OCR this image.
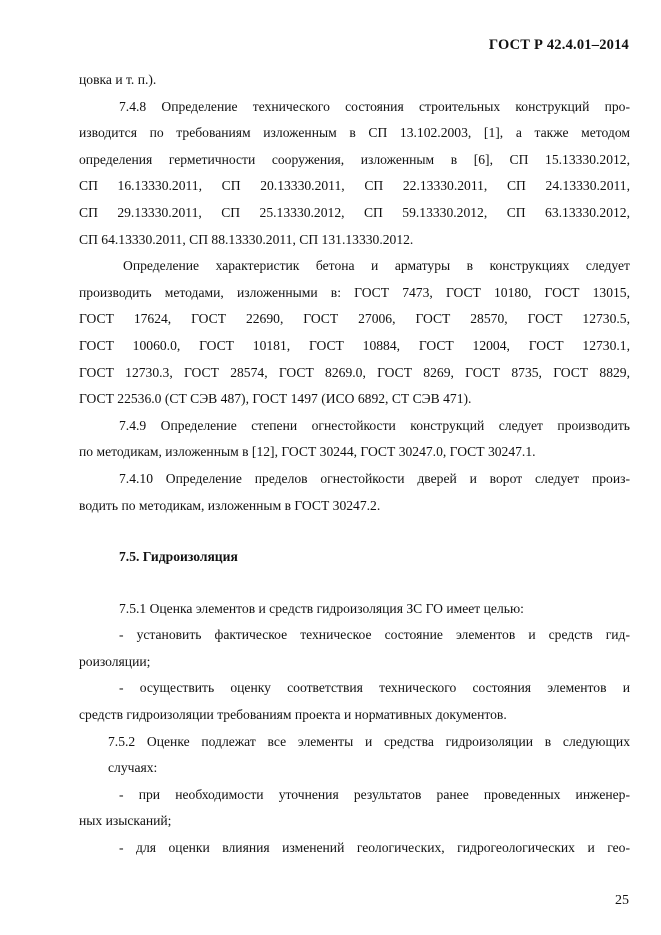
ГОСТ Р 42.4.01–2014
цовка и т. п.).
7.4.8 Определение технического состояния строительных конструкций про-
изводится по требованиям изложенным в СП 13.102.2003, [1], а также методом
определения герметичности сооружения, изложенным в [6], СП 15.13330.2012,
СП 16.13330.2011, СП 20.13330.2011, СП 22.13330.2011, СП 24.13330.2011,
СП 29.13330.2011, СП 25.13330.2012, СП 59.13330.2012, СП 63.13330.2012,
СП 64.13330.2011, СП 88.13330.2011, СП 131.13330.2012.
Определение характеристик бетона и арматуры в конструкциях следует
производить методами, изложенными в: ГОСТ 7473, ГОСТ 10180, ГОСТ 13015,
ГОСТ 17624, ГОСТ 22690, ГОСТ 27006, ГОСТ 28570, ГОСТ 12730.5,
ГОСТ 10060.0, ГОСТ 10181, ГОСТ 10884, ГОСТ 12004, ГОСТ 12730.1,
ГОСТ 12730.3, ГОСТ 28574, ГОСТ 8269.0, ГОСТ 8269, ГОСТ 8735, ГОСТ 8829,
ГОСТ 22536.0 (СТ СЭВ 487), ГОСТ 1497 (ИСО 6892, СТ СЭВ 471).
7.4.9 Определение степени огнестойкости конструкций следует производить
по методикам, изложенным в [12], ГОСТ 30244, ГОСТ 30247.0, ГОСТ 30247.1.
7.4.10 Определение пределов огнестойкости дверей и ворот следует произ-
водить по методикам, изложенным в ГОСТ 30247.2.
7.5. Гидроизоляция
7.5.1 Оценка элементов и средств гидроизоляция ЗС ГО имеет целью:
- установить фактическое техническое состояние элементов и средств гид-
роизоляции;
- осуществить оценку соответствия технического состояния элементов и
средств гидроизоляции требованиям проекта и нормативных документов.
7.5.2 Оценке подлежат все элементы и средства гидроизоляции в следующих
случаях:
- при необходимости уточнения результатов ранее проведенных инженер-
ных изысканий;
- для оценки влияния изменений геологических, гидрогеологических и гео-
25
